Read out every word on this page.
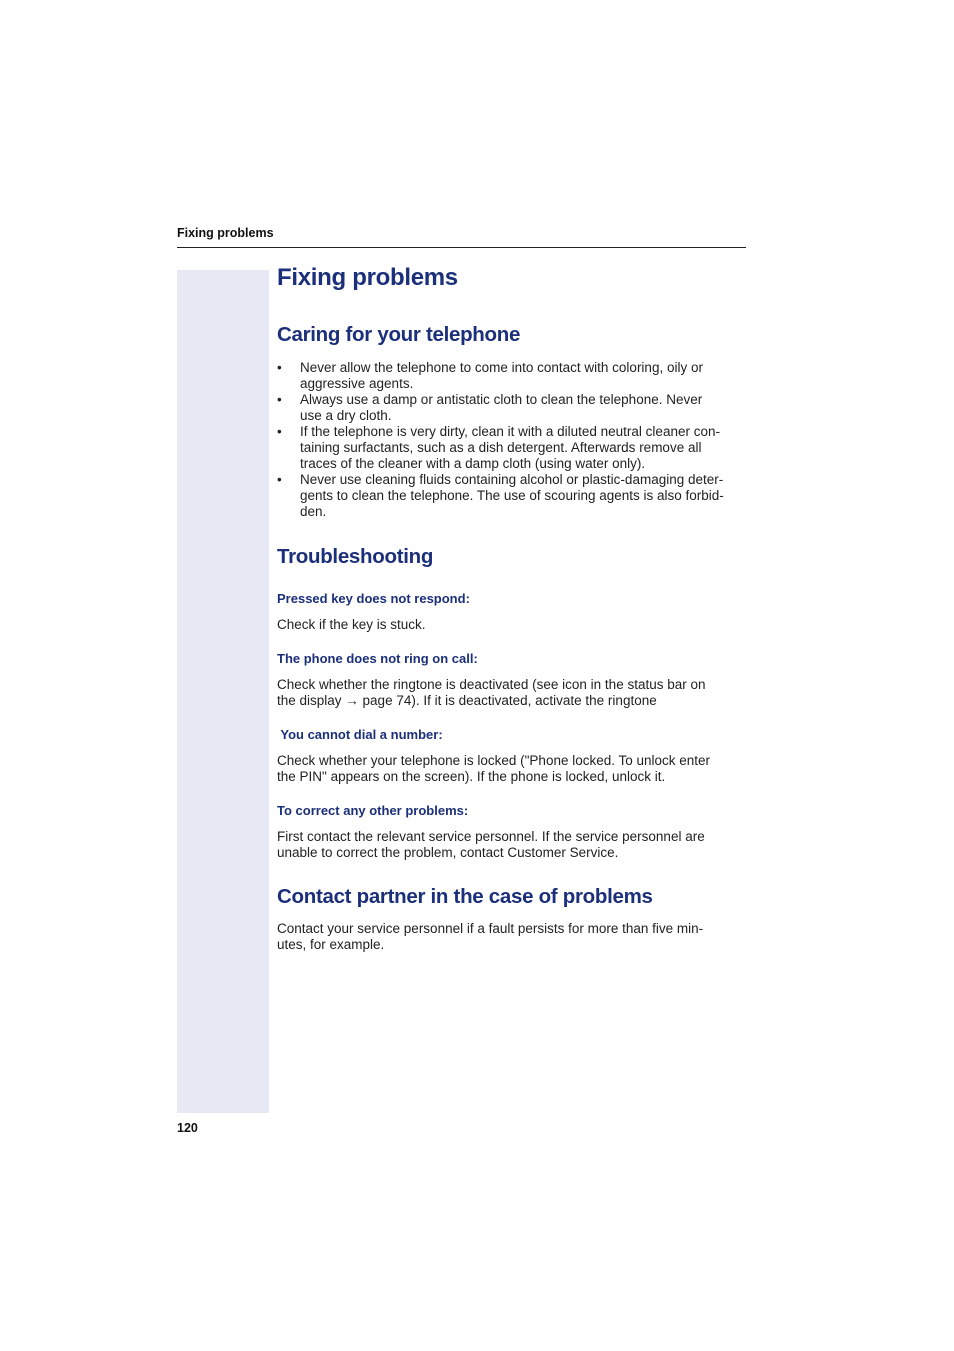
Fixing problems
Fixing problems
Caring for your telephone
• Never allow the telephone to come into contact with coloring, oily or
aggressive agents.
• Always use a damp or antistatic cloth to clean the telephone. Never
use a dry cloth.
• If the telephone is very dirty, clean it with a diluted neutral cleaner con-
taining surfactants, such as a dish detergent. Afterwards remove all
traces of the cleaner with a damp cloth (using water only).
• Never use cleaning fluids containing alcohol or plastic-damaging deter-
gents to clean the telephone. The use of scouring agents is also forbid-
den.
Troubleshooting
Pressed key does not respond:

Check if the key is stuck.

The phone does not ring on call:

Check whether the ringtone is deactivated (see icon in the status bar on
the display → page 74). If it is deactivated, activate the ringtone

You cannot dial a number:

Check whether your telephone is locked ("Phone locked. To unlock enter
the PIN" appears on the screen). If the phone is locked, unlock it.

To correct any other problems:

First contact the relevant service personnel. If the service personnel are
unable to correct the problem, contact Customer Service.

Contact partner in the case of problems

Contact your service personnel if a fault persists for more than five min-
utes, for example.

120
